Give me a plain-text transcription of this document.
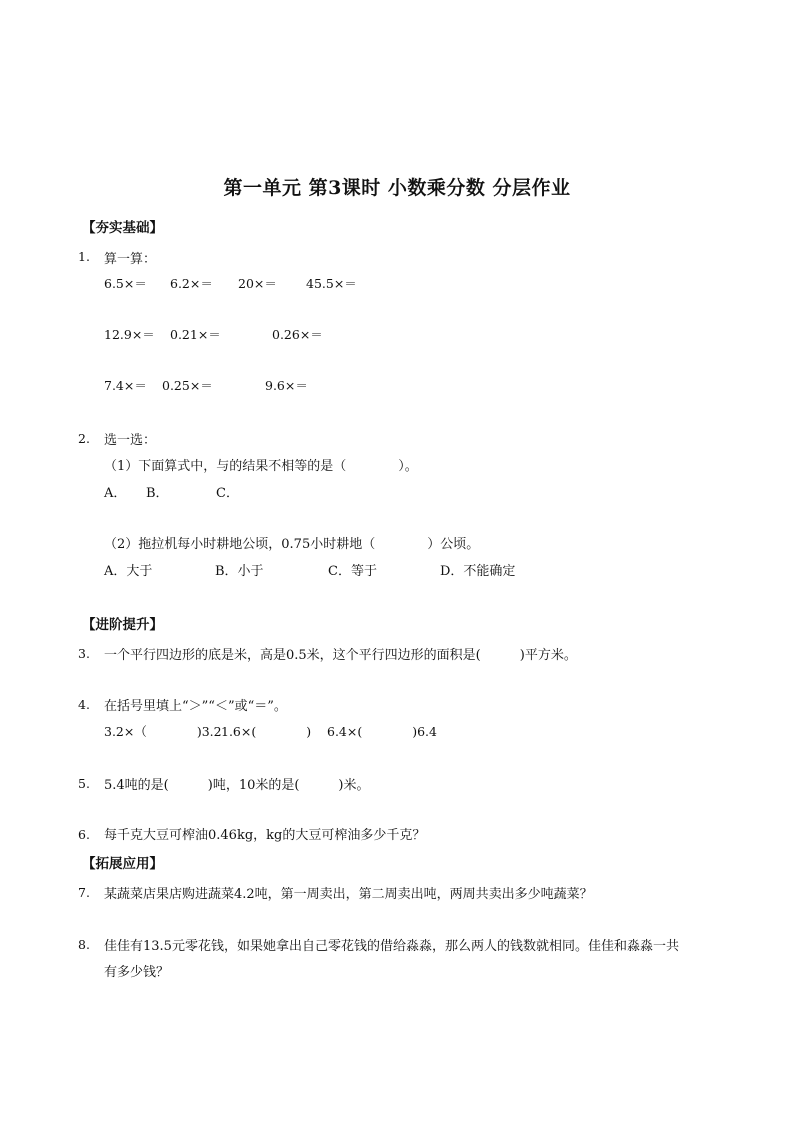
第一单元 第3课时 小数乘分数 分层作业
【夯实基础】
1. 算一算：
6.5×＝ 6.2×＝ 20×＝ 45.5×＝
12.9×＝ 0.21×＝	0.26×＝
7.4×＝ 0.25×＝	9.6×＝
2. 选一选：
（1）下面算式中，与的结果不相等的是（　　　　）。
A． B．	C．
（2）拖拉机每小时耕地公顷，0.75小时耕地（　　　　）公顷。
A．大于	B．小于	C．等于	D．不能确定
【进阶提升】
3. 一个平行四边形的底是米，高是0.5米，这个平行四边形的面积是(　　　)平方米。
4. 在括号里填上“＞”“＜”或“＝”。
3.2×（　　　　)3.2 1.6×(　　　　) 6.4×(　　　　)6.4
5. 5.4吨的是(　　　)吨，10米的是(　　　)米。
6. 每千克大豆可榨油0.46kg，kg的大豆可榨油多少千克？
【拓展应用】
7. 某蔬菜店果店购进蔬菜4.2吨，第一周卖出，第二周卖出吨，两周共卖出多少吨蔬菜？
8. 佳佳有13.5元零花钱，如果她拿出自己零花钱的借给淼淼，那么两人的钱数就相同。佳佳和淼淼一共
有多少钱？
